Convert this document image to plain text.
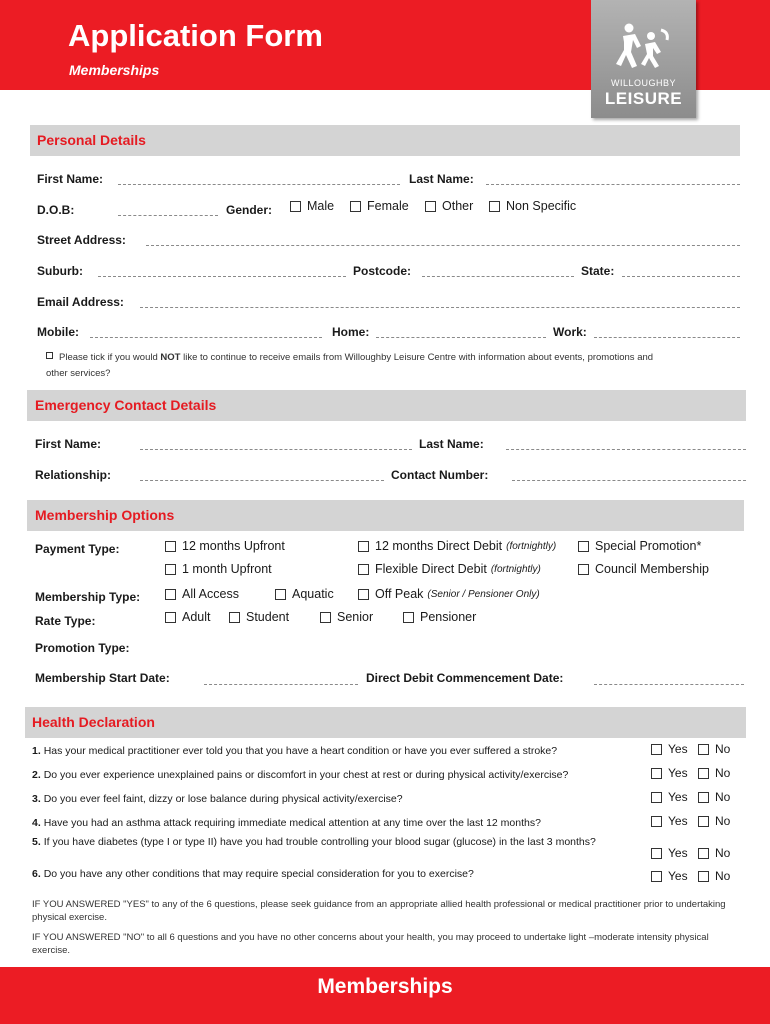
Application Form
Memberships
WILLOUGHBY
LEISURE
Personal Details
First Name:	Last Name:
D.O.B:	Gender:	Male	Female	Other	Non Specific
Street Address:
Suburb:	Postcode:	State:
Email Address:
Mobile:	Home:	Work:
Please tick if you would NOT like to continue to receive emails from Willoughby Leisure Centre with information about events, promotions and
other services?
Emergency Contact Details
First Name:	Last Name:
Relationship:	Contact Number:
Membership Options
Payment Type:	12 months Upfront	12 months Direct Debit (fortnightly)	Special Promotion*
1 month Upfront	Flexible Direct Debit (fortnightly)	Council Membership
Membership Type:	All Access	Aquatic	Off Peak (Senior / Pensioner Only)
Rate Type:	Adult	Student	Senior	Pensioner
Promotion Type:
Membership Start Date:	Direct Debit Commencement Date:
Health Declaration
1. Has your medical practitioner ever told you that you have a heart condition or have you ever suffered a stroke?	Yes No
2. Do you ever experience unexplained pains or discomfort in your chest at rest or during physical activity/exercise?	Yes No
3. Do you ever feel faint, dizzy or lose balance during physical activity/exercise?	Yes No
4. Have you had an asthma attack requiring immediate medical attention at any time over the last 12 months?	Yes No
5. If you have diabetes (type I or type II) have you had trouble controlling your blood sugar (glucose) in the last 3 months?
Yes No
6. Do you have any other conditions that may require special consideration for you to exercise?	Yes No
IF YOU ANSWERED "YES" to any of the 6 questions, please seek guidance from an appropriate allied health professional or medical practitioner prior to undertaking physical exercise.
IF YOU ANSWERED "NO" to all 6 questions and you have no other concerns about your health, you may proceed to undertake light –moderate intensity physical exercise.
Memberships
